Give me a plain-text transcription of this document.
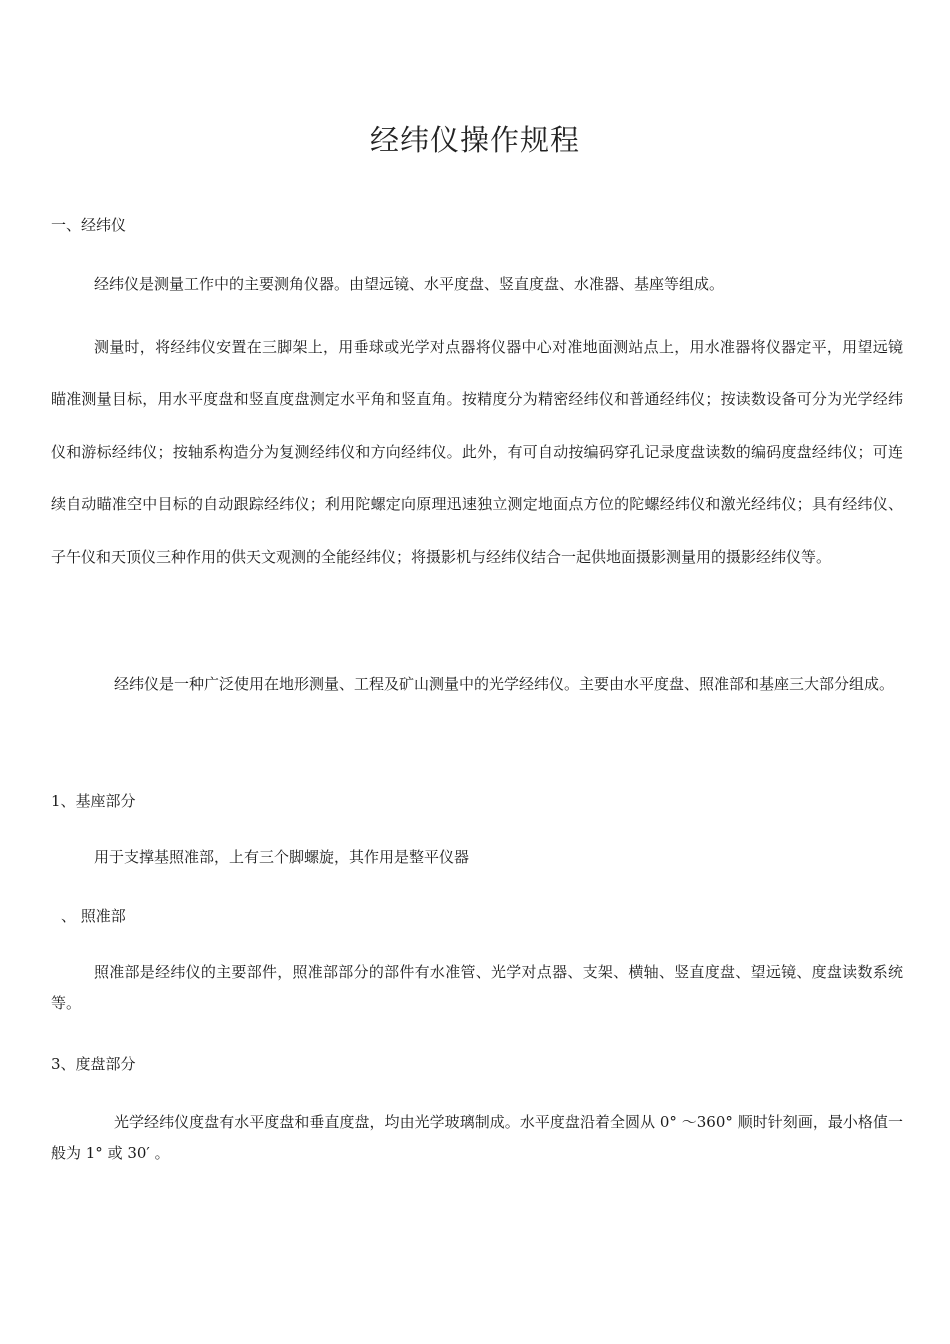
经纬仪操作规程
一、经纬仪

经纬仪是测量工作中的主要测角仪器。由望远镜、水平度盘、竖直度盘、水准器、基座等组成。

测量时，将经纬仪安置在三脚架上，用垂球或光学对点器将仪器中心对准地面测站点上，用水准器将仪器定平，用望远镜瞄准测量目标，用水平度盘和竖直度盘测定水平角和竖直角。按精度分为精密经纬仪和普通经纬仪；按读数设备可分为光学经纬仪和游标经纬仪；按轴系构造分为复测经纬仪和方向经纬仪。此外，有可自动按编码穿孔记录度盘读数的编码度盘经纬仪；可连续自动瞄准空中目标的自动跟踪经纬仪；利用陀螺定向原理迅速独立测定地面点方位的陀螺经纬仪和激光经纬仪；具有经纬仪、子午仪和天顶仪三种作用的供天文观测的全能经纬仪；将摄影机与经纬仪结合一起供地面摄影测量用的摄影经纬仪等。

经纬仪是一种广泛使用在地形测量、工程及矿山测量中的光学经纬仪。主要由水平度盘、照准部和基座三大部分组成。

1、基座部分

用于支撑基照准部，上有三个脚螺旋，其作用是整平仪器

、 照准部

照准部是经纬仪的主要部件，照准部部分的部件有水准管、光学对点器、支架、横轴、竖直度盘、望远镜、度盘读数系统等。

3、度盘部分

光学经纬仪度盘有水平度盘和垂直度盘，均由光学玻璃制成。水平度盘沿着全圆从 0° ～360° 顺时针刻画，最小格值一般为 1° 或 30′ 。
